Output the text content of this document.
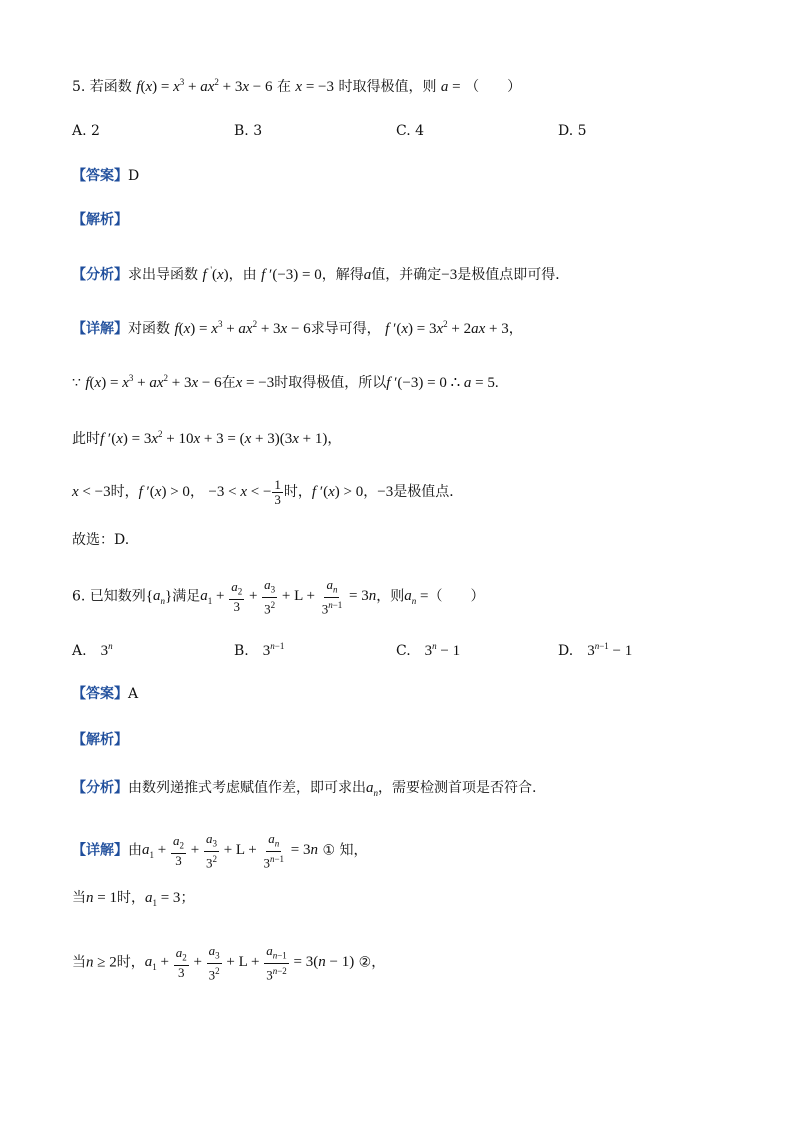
5. 若函数 $f(x) = x^3 + ax^2 + 3x - 6$ 在 x = −3 时取得极值，则 a = （　　）
A. 2	B. 3	C. 4	D. 5
【答案】D
【解析】
【分析】求出导函数 f '(x)，由 f ′(−3) = 0，解得a值，并确定−3是极值点即可得．
【详解】对函数 $f(x) = x^3 + ax^2 + 3x - 6$求导可得， f $'(x) = 3x^2 + 2ax + 3$，
∵ $f(x) = x^3 + ax^2 + 3x - 6$在x = −3时取得极值，所以f ′(−3) = 0 ∴ a = 5.
此时f $'(x) = 3x^2 + 10x + 3 = (x + 3)(3x + 1)$，
x < −3时，f ′(x) > 0， −3 < x < − $\frac{1}{3}$ 时，f ′(x) > 0，−3是极值点．
故选：D.
6. 已知数列$\{a_n\}$满足$a_1 + \frac{a_2}{3} + \frac{a_3}{3^2} + L + \frac{a_n}{3^{n-1}} = 3n$，则$a_n$ =（　　）
A.　 3$^n$	B.　 $3^{n-1}$	C.　 $3^n - 1$	D.　 $3^{n-1} - 1$
【答案】A
【解析】
【分析】由数列递推式考虑赋值作差，即可求出$a_n$，需要检测首项是否符合.
【详解】由$a_1 + \frac{a_2}{3} + \frac{a_3}{3^2} + L + \frac{a_n}{3^{n-1}} = 3n$ ① 知，
当n = 1时，$a_1 = 3$；
当n ≥ 2时，$a_1 + \frac{a_2}{3} + \frac{a_3}{3^2} + L + \frac{a_{n-1}}{3^{n-2}} = 3(n - 1)$ ②，
